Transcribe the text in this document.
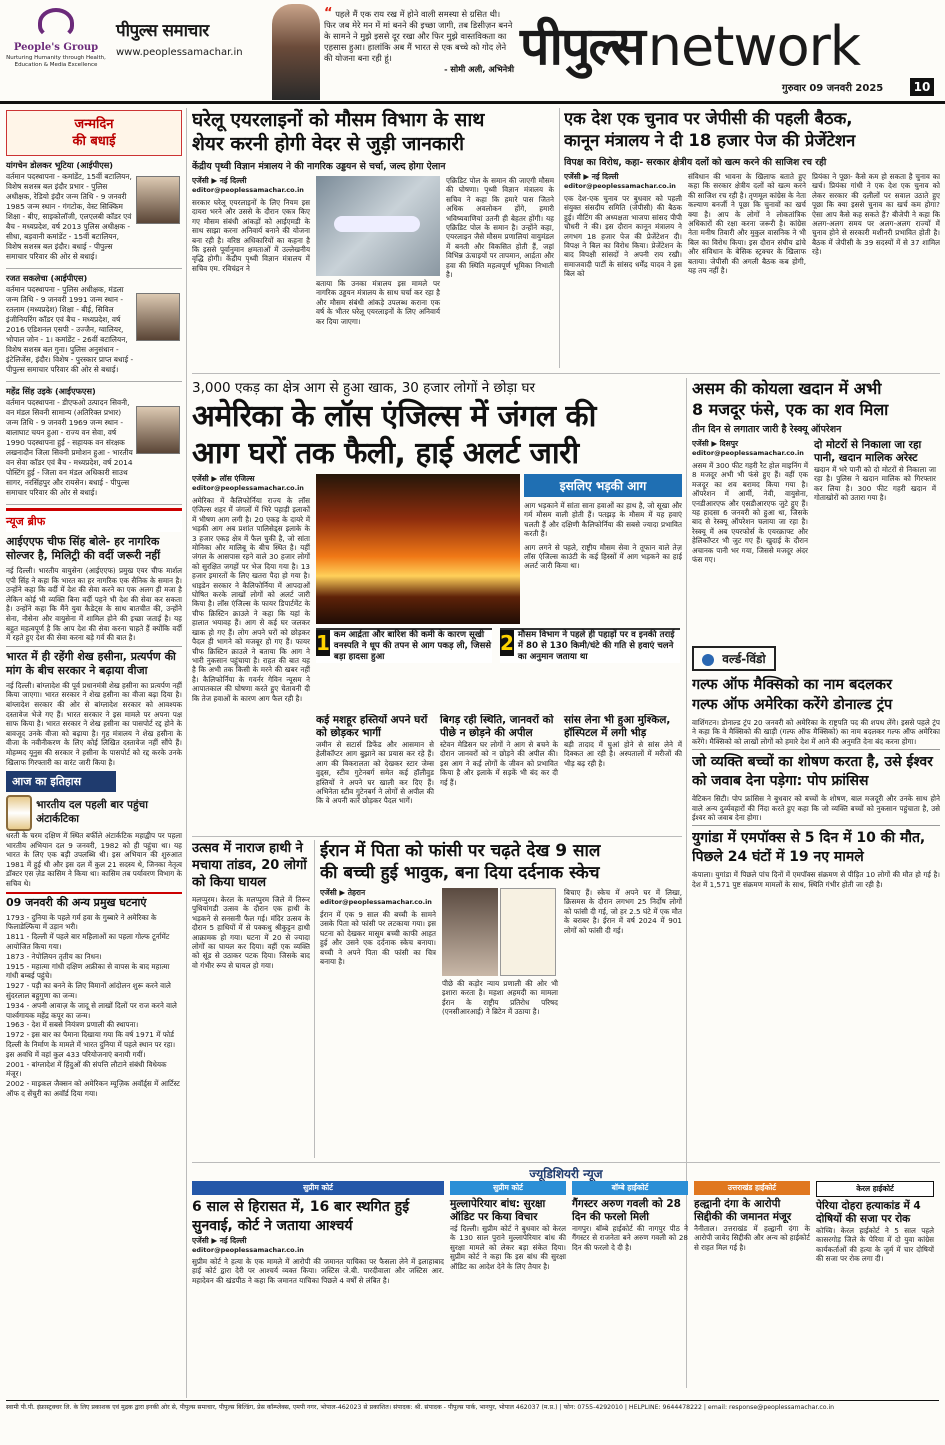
People's Group
Nurturing Humanity through Health, Education & Media Excellence
पीपुल्स समाचार
www.peoplessamachar.in
“ पहले मैं एक राय रख में होने वाली समस्या से ग्रसित थी। फिर जब मेरे मन में मां बनने की इच्छा जागी, तब डिसीज़न बनने के सामने ने मुझे इससे दूर रखा और फिर मुझे वास्तविकता का एहसास हुआ। हालांकि अब मैं भारत से एक बच्चे को गोद लेने की योजना बना रही हूं।
- सोमी अली, अभिनेत्री पीपुल्स network
गुरुवार 09 जनवरी 2025	10
जन्मदिन
की बधाई
यांगचेन डोलकर भूटिया (आईपीएस)
वर्तमान पदस्थापना - कमांडेंट, 15वीं बटालियन, विशेष सशस्त्र बल इंदौर प्रभार - पुलिस अधीक्षक, रेडियो इंदौर जन्म तिथि - 9 जनवरी 1985 जन्म स्थान - गंगटोक, वेस्ट सिक्किम शिक्षा - बीए, साइकोलॉजी, एलएलबी कॉडर एवं बैच - मध्यप्रदेश, वर्ष 2013 पुलिस अधीक्षक - सीधा, बड़वानी कमांडेंट - 15वीं बटालियन, विशेष सशस्त्र बल इंदौर। बधाई - पीपुल्स समाचार परिवार की ओर से बधाई।
रजत सकलेचा (आईपीएस)
वर्तमान पदस्थापना - पुलिस अधीक्षक, मंडला जन्म तिथि - 9 जनवरी 1991 जन्म स्थान - रतलाम (मध्यप्रदेश) शिक्षा - बीई, सिविल इंजीनियरिंग कॉडर एवं बैच - मध्यप्रदेश, वर्ष 2016 एडिशनल एसपी - उज्जैन, ग्वालियर, भोपाल जोन - 1। कमांडेंट - 26वीं बटालियन, विशेष सशस्त्र बल गुना। पुलिस अनुसंधान - इंटेलिजेंस, इंदौर। विशेष - पुरस्कार प्राप्त बधाई - पीपुल्स समाचार परिवार की ओर से बधाई।
महेंद्र सिंह उइके (आईएफएस)
वर्तमान पदस्थापना - डीएफओ उत्पादन सिवनी, वन मंडल सिवनी सामान्य (अतिरिक्त प्रभार) जन्म तिथि - 9 जनवरी 1969 जन्म स्थान - बालाघाट चयन हुआ - राज्य वन सेवा, वर्ष 1990 पदस्थापना हुई - सहायक वन संरक्षक लखनादौन जिला सिवनी प्रमोशन हुआ - भारतीय वन सेवा कॉडर एवं बैच - मध्यप्रदेश, वर्ष 2014 पोस्टिंग हुई - जिला वन मंडल अधिकारी साउथ सागर, नरसिंहपुर और रायसेन। बधाई - पीपुल्स समाचार परिवार की ओर से बधाई।
न्यूज ब्रीफ
आईएएफ चीफ सिंह बोले- हर नागरिक सोल्जर है, मिलिट्री की वर्दी जरूरी नहीं
नई दिल्ली। भारतीय वायुसेना (आईएएफ) प्रमुख एयर चीफ मार्शल एपी सिंह ने कहा कि भारत का हर नागरिक एक सैनिक के समान है। उन्होंने कहा कि वर्दी में देश की सेवा करने का एक अलग ही मजा है लेकिन कोई भी व्यक्ति बिना वर्दी पहने भी देश की सेवा कर सकता है। उन्होंने कहा कि मैंने युवा कैडेट्स के साथ बातचीत की, उन्होंने सेना, नौसेना और वायुसेना में शामिल होने की इच्छा जताई है। यह बहुत महत्वपूर्ण है कि आप देश की सेवा करना चाहते हैं क्योंकि वर्दी में रहते हुए देश की सेवा करना बड़े गर्व की बात है।
भारत में ही रहेंगी शेख हसीना, प्रत्यर्पण की मांग के बीच सरकार ने बढ़ाया वीजा
नई दिल्ली। बांग्लादेश की पूर्व प्रधानमंत्री शेख हसीना का प्रत्यर्पण नहीं किया जाएगा। भारत सरकार ने शेख हसीना का वीजा बढ़ा दिया है। बांग्लादेश सरकार की ओर से बांग्लादेश सरकार को आवश्यक दस्तावेज भेजे गए हैं। भारत सरकार ने इस मामले पर अपना पक्ष साफ किया है। भारत सरकार ने शेख हसीना का पासपोर्ट रद्द होने के बावजूद उनके वीजा को बढ़ाया है। गृह मंत्रालय ने शेख हसीना के वीजा के नवीनीकरण के लिए कोई लिखित दस्तावेज नहीं सौंपे हैं। मोहम्मद यूनुस की सरकार ने हसीना के पासपोर्ट को रद्द करके उनके खिलाफ गिरफ्तारी का वारंट जारी किया है।
आज का इतिहास
भारतीय दल पहली बार पहुंचा अंटार्कटिका
धरती के चरम दक्षिण में स्थित बर्फीले अंटार्कटिक महाद्वीप पर पहला भारतीय अभियान दल 9 जनवरी, 1982 को ही पहुंचा था। यह भारत के लिए एक बड़ी उपलब्धि थी। इस अभियान की शुरुआत 1981 में हुई थी और इस दल में कुल 21 सदस्य थे, जिनका नेतृत्व डॉक्टर एस ज़ेड कासिम ने किया था। कासिम तब पर्यावरण विभाग के सचिव थे।
09 जनवरी की अन्य प्रमुख घटनाएं
1793 - दुनिया के पहले गर्म हवा के गुब्बारे ने अमेरिका के फिलाडेल्फिया में उड़ान भरी।
1811 - दिल्ली में पहले बार महिलाओं का पहला गोल्फ टूर्नामेंट आयोजित किया गया।
1873 - नेपोलियन तृतीय का निधन।
1915 - महात्मा गांधी दक्षिण अफ्रीका से वापस के बाद महात्मा गांधी बम्बई पहुंचे।
1927 - पड़ी का बनने के लिए विमानों आंदोलन शुरू करने वाले सुंदरलाल बहुगुणा का जन्म।
1934 - अपनी आवाज़ के जादू से लाखों दिलों पर राज करने वाले पार्श्वगायक महेंद्र कपूर का जन्म।
1963 - देश में सबसे नियंत्रण प्रणाली की स्थापना।
1972 - इस बार का पैमाना दिखाया गया कि वर्ष 1971 में फोर्ड दिल्ली के निर्माण के मामले में भारत दुनिया में पहले स्थान पर रहा। इस अवधि में वहां कुल 433 परियोजनाएं बनायी गयीं।
2001 - बांग्लादेश में हिंदुओं की संपत्ति लौटाने संबंधी विधेयक मंजूर।
2002 - माइकल जैक्सन को अमेरिकन म्यूज़िक अवॉर्ड्स में आर्टिस्ट ऑफ द सेंचुरी का अवॉर्ड दिया गया।
घरेलू एयरलाइनों को मौसम विभाग के साथ
शेयर करनी होगी वेदर से जुड़ी जानकारी
केंद्रीय पृथ्वी विज्ञान मंत्रालय ने की नागरिक उड्डयन से चर्चा, जल्द होगा ऐलान
एजेंसी ▶ नई दिल्ली
editor@peoplessamachar.co.in
सरकार घरेलू एयरलाइनों के लिए नियम इस दायरा भरने और उससे के दौरान एकत्र किए गए मौसम संबंधी आंकड़ों को आईएमडी के साथ साझा करना अनिवार्य बनाने की योजना बना रही है। वरिष्ठ अधिकारियों का कहना है कि इससे पूर्वानुमान क्षमताओं में उल्लेखनीय वृद्धि होगी। केंद्रीय पृथ्वी विज्ञान मंत्रालय में सचिव एम. रविचंद्रन ने
बताया कि उनका मंत्रालय इस मामले पर नागरिक उड्डयन मंत्रालय के साथ चर्चा कर रहा है और मौसम संबंधी आंकड़े उपलब्ध कराना एक वर्ष के भीतर घरेलू एयरलाइनों के लिए अनिवार्य कर दिया जाएगा।
एक्रिडिट पोल के समान की जाएगी मौसम की घोषणा। पृथ्वी विज्ञान मंत्रालय के सचिव ने कहा कि हमारे पास जितने अधिक अवलोकन होंगे, हमारी भविष्यवाणियां उतनी ही बेहतर होंगी। यह एक्रिडिट पोल के समान है। उन्होंने कहा, एयरलाइन जैसे मौसम प्रणालियां वायुमंडल में बनती और विकसित होती हैं, जहां विभिन्न ऊंचाइयों पर तापमान, आर्द्रता और हवा की स्थिति महत्वपूर्ण भूमिका निभाती है।
एक देश एक चुनाव पर जेपीसी की पहली बैठक,
कानून मंत्रालय ने दी 18 हजार पेज की प्रेजेंटेशन
विपक्ष का विरोध, कहा- सरकार क्षेत्रीय दलों को खत्म करने की साजिश रच रही
एजेंसी ▶ नई दिल्ली
editor@peoplessamachar.co.in
एक देश-एक चुनाव पर बुधवार को पहली संयुक्त संसदीय समिति (जेपीसी) की बैठक हुई। मीटिंग की अध्यक्षता भाजपा सांसद पीपी चौधरी ने की। इस दौरान कानून मंत्रालय ने लगभग 18 हजार पेज की प्रेजेंटेशन दी। विपक्ष ने बिल का विरोध किया। प्रेजेंटेशन के बाद विपक्षी सांसदों ने अपनी राय रखी। समाजवादी पार्टी के सांसद धर्मेंद्र यादव ने इस बिल को
संविधान की भावना के खिलाफ बताते हुए कहा कि सरकार क्षेत्रीय दलों को खत्म करने की साजिश रच रही है। तृणमूल कांग्रेस के नेता कल्याण बनर्जी ने पूछा कि चुनावों का खर्च क्या है। आप के लोगों ने लोकतांत्रिक अधिकारों की रक्षा करना जरूरी है। कांग्रेस नेता मनीष तिवारी और मुकुल वासनिक ने भी बिल का विरोध किया। इस दौरान संघीय ढांचे और संविधान के बेसिक स्ट्रक्चर के खिलाफ बताया। जेपीसी की अगली बैठक कब होगी, यह तय नहीं है।
प्रियंका ने पूछा- कैसे कम हो सकता है चुनाव का खर्च। प्रियंका गांधी ने एक देश एक चुनाव को लेकर सरकार की दलीलों पर सवाल उठाते हुए पूछा कि क्या इससे चुनाव का खर्च कम होगा? ऐसा आप कैसे कह सकते हैं? बीजेपी ने कहा कि अलग-अलग समय पर अलग-अलग राज्यों में चुनाव होने से सरकारी मशीनरी प्रभावित होती है। बैठक में जेपीसी के 39 सदस्यों में से 37 शामिल रहे।
3,000 एकड़ का क्षेत्र आग से हुआ खाक, 30 हजार लोगों ने छोड़ा घर
अमेरिका के लॉस एंजिल्स में जंगल की
आग घरों तक फैली, हाई अलर्ट जारी
एजेंसी ▶ लॉस एंजिल्स
editor@peoplessamachar.co.in
अमेरिका में कैलिफोर्निया राज्य के लॉस एंजिल्स शहर में जंगलों में भिरे पहाड़ी इलाकों में भीषण आग लगी है। 20 एकड़ के दायरे में भड़की आग अब प्रशांत पालिसेड्स इलाके के 3 हजार एकड़ क्षेत्र में फैल चुकी है, जो सांता मोनिका और मालिबू के बीच स्थित है। यहीं जंगल के आसपास रहने वाले 30 हजार लोगों को सुरक्षित जगहों पर भेज दिया गया है। 13 हजार इमारतों के लिए खतरा पैदा हो गया है। धाइडेन सरकार ने कैलिफोर्निया में आपदाओं घोषित करके लाखों लोगों को अलर्ट जारी किया है। लॉस एंजिल्स के फायर डिपार्टमेंट के चीफ क्रिस्टिन क्राउले ने कहा कि यहां के हालात भयावह हैं। आग से कई घर जलकर खाक हो गए हैं। लोग अपने घरों को छोड़कर पैदल ही भागने को मजबूर हो गए हैं। फायर चीफ क्रिस्टिन क्राउले ने बताया कि आग ने भारी नुकसान पहुंचाया है। राहत की बात यह है कि अभी तक किसी के मरने की खबर नहीं है। कैलिफोर्निया के गवर्नर गेविन न्यूसम ने आपातकाल की घोषणा करते हुए चेतावनी दी कि तेज हवाओं के कारण आग फैल रही है।
इसलिए भड़की आग
आग भड़काने में सांता साना हवाओं का हाथ है, जो सूखा और गर्म मौसम वाली होती हैं। पतझड़ के मौसम में यह हवाएं चलती हैं और दक्षिणी कैलिफोर्निया की सबसे ज्यादा प्रभावित करती हैं।
आग लगने से पहले, राष्ट्रीय मौसम सेवा ने तूफान वाले तेज़ लॉस एंजिल्स काउंटी के कई हिस्सों में आग भड़कने का हाई अलर्ट जारी किया था।
1 कम आर्द्रता और बारिश की कमी के कारण सूखी वनस्पति ने धूप की तपन से आग पकड़ ली, जिससे बड़ा हादसा हुआ
2 मौसम विभाग ने पहले ही पहाड़ों पर व इनकी तराई में 80 से 130 किमी/घंटे की गति से हवाएं चलने का अनुमान जताया था
कई मशहूर हस्तियों अपने घरों को छोड़कर भागीं
जमीन से सटार्स डिफेंड और आसमान से हेलीकॉप्टर आग बुझाने का प्रयास कर रहे हैं। आग की विकरालता को देखकर स्टार जेम्स वुड्स, स्टीव गुटेनबर्ग समेत कई हॉलीवुड हस्तियों ने अपने घर खाली कर दिए हैं। अभिनेता स्टीव गुटेनबर्ग ने लोगों से अपील की कि वे अपनी कारें छोड़कर पैदल भागें।
बिगड़ रही स्थिति, जानवरों को पीछे न छोड़ने की अपील
स्टेवन मेडिसन घर लोगों ने आग से बचने के दौरान जानवरों को न छोड़ने की अपील की। इस आग ने कई लोगों के जीवन को प्रभावित किया है और इलाके में सड़कें भी बंद कर दी गई हैं।
सांस लेना भी हुआ मुश्किल, हॉस्पिटल में लगी भीड़
बड़ी तादाद में घुआं होने से सांस लेने में दिक्कत आ रही है। अस्पतालों में मरीजों की भीड़ बढ़ रही है।
असम की कोयला खदान में अभी
8 मजदूर फंसे, एक का शव मिला
तीन दिन से लगातार जारी है रेस्क्यू ऑपरेशन
एजेंसी ▶ दिसपुर
editor@peoplessamachar.co.in
असम में 300 फीट गहरी रैट होल माइनिंग में 8 मजदूर अभी भी फंसे हुए हैं। वहीं एक मजदूर का शव बरामद किया गया है। ऑपरेशन में आर्मी, नेवी, वायुसेना, एनडीआरएफ और एसडीआरएफ जुटे हुए हैं। यह हादसा 6 जनवरी को हुआ था, जिसके बाद से रेस्क्यू ऑपरेशन चलाया जा रहा है। रेस्क्यू में अब एयरफोर्स के एयरक्राफ्ट और हेलिकॉप्टर भी जुट गए हैं। खुदाई के दौरान अचानक पानी भर गया, जिससे मजदूर अंदर फंस गए।
दो मोटरों से निकाला जा रहा पानी, खदान मालिक अरेस्ट
खदान में भरे पानी को दो मोटरों से निकाला जा रहा है। पुलिस ने खदान मालिक को गिरफ्तार कर लिया है। 300 फीट गहरी खदान में गोताखोरों को उतारा गया है।
वर्ल्ड-विंडो
गल्फ ऑफ मैक्सिको का नाम बदलकर
गल्फ ऑफ अमेरिका करेंगे डोनाल्ड ट्रंप
वाशिंगटन। डोनाल्ड ट्रंप 20 जनवरी को अमेरिका के राष्ट्रपति पद की शपथ लेंगे। इससे पहले ट्रंप ने कहा कि वे मैक्सिको की खाड़ी (गल्फ ऑफ मैक्सिको) का नाम बदलकर गल्फ ऑफ अमेरिका करेंगे। मैक्सिको को लाखों लोगों को हमारे देश में आने की अनुमति देना बंद करना होगा।
जो व्यक्ति बच्चों का शोषण करता है, उसे ईश्वर को जवाब देना पड़ेगा: पोप फ्रांसिस
वेटिकन सिटी। पोप फ्रांसिस ने बुधवार को बच्चों के शोषण, बाल मजदूरी और उनके साथ होने वाले अन्य दुर्व्यवहारों की निंदा करते हुए कहा कि जो व्यक्ति बच्चों को नुकसान पहुंचाता है, उसे ईश्वर को जवाब देना होगा।
युगांडा में एमपॉक्स से 5 दिन में 10 की मौत, पिछले 24 घंटों में 19 नए मामले
कंपाला। युगांडा में पिछले पांच दिनों में एमपॉक्स संक्रमण से पीड़ित 10 लोगों की मौत हो गई है। देश में 1,571 पुष्ट संक्रमण मामलों के साथ, स्थिति गंभीर होती जा रही है।
उत्सव में नाराज हाथी ने मचाया तांडव, 20 लोगों को किया घायल
मलप्पुरम। केरल के मलप्पुरम जिले में तिरूर पुथियांगडी उत्सव के दौरान एक हाथी के भड़कने से सनसनी फैल गई। मंदिर उत्सव के दौरान 5 हाथियों में से पक्कथु श्रीकुट्टन हाथी आक्रामक हो गया। घटना में 20 से ज्यादा लोगों का घायल कर दिया। वहीं एक व्यक्ति को सूंड से उठाकर पटक दिया। जिसके बाद वो गंभीर रूप से घायल हो गया।
ईरान में पिता को फांसी पर चढ़ते देख 9 साल
की बच्ची हुई भावुक, बना दिया दर्दनाक स्केच
एजेंसी ▶ तेहरान
editor@peoplessamachar.co.in
ईरान में एक 9 साल की बच्ची के सामने उसके पिता को फांसी पर लटकाया गया। इस घटना को देखकर मासूम बच्ची काफी आहत हुई और उसने एक दर्दनाक स्केच बनाया। बच्ची ने अपने पिता की फांसी का चित्र बनाया है।
पीछे की कड़ोर न्याय प्रणाली की ओर भी इशारा करता है। महशा अहमदी का मामला ईरान के राष्ट्रीय प्रतिरोध परिषद (एनसीआरआई) ने ब्रिटेन में उठाया है।
बिचाए हैं। स्केच में अपने घर में लिखा, क्रिसमस के दौरान लगभग 25 निर्दोष लोगों को फांसी दी गई, जो हर 2.5 घंटे में एक मौत के बराबर है। ईरान में वर्ष 2024 में 901 लोगों को फांसी दी गई।
ज्यूडिशियरी न्यूज
सुप्रीम कोर्ट
6 साल से हिरासत में, 16 बार स्थगित हुई सुनवाई, कोर्ट ने जताया आश्चर्य
एजेंसी ▶ नई दिल्ली
editor@peoplessamachar.co.in
सुप्रीम कोर्ट ने हत्या के एक मामले में आरोपी की जमानत याचिका पर फैसला लेने में इलाहाबाद हाई कोर्ट द्वारा देरी पर आश्चर्य व्यक्त किया। जस्टिस जे.बी. पारदीवाला और जस्टिस आर. महादेवन की खंडपीठ ने कहा कि जमानत याचिका पिछले 4 वर्षों से लंबित है।
सुप्रीम कोर्ट
मुल्लापेरियार बांध: सुरक्षा ऑडिट पर किया विचार
नई दिल्ली। सुप्रीम कोर्ट ने बुधवार को केरल के 130 साल पुराने मुल्लापेरियार बांध की सुरक्षा मामले को लेकर बड़ा संकेत दिया। सुप्रीम कोर्ट ने कहा कि इस बांध की सुरक्षा ऑडिट का आदेश देने के लिए तैयार है।
बॉम्बे हाईकोर्ट
गैंगस्टर अरुण गवली को 28 दिन की फरलो मिली
नागपुर। बॉम्बे हाईकोर्ट की नागपुर पीठ ने गैंगस्टर से राजनेता बने अरुण गवली को 28 दिन की फरलो दे दी है।
उत्तराखंड हाईकोर्ट
हल्द्वानी दंगा के आरोपी सिद्दीकी की जमानत मंजूर
नैनीताल। उत्तराखंड में हल्द्वानी दंगा के आरोपी जावेद सिद्दीकी और अन्य को हाईकोर्ट से राहत मिल गई है।
केरल हाईकोर्ट
पेरिया दोहरा हत्याकांड में 4 दोषियों की सजा पर रोक
कोच्चि। केरल हाईकोर्ट ने 5 साल पहले कासरगोड़ जिले के पेरिया में दो युवा कांग्रेस कार्यकर्ताओं की हत्या के जुर्म में चार दोषियों की सजा पर रोक लगा दी।
स्वामी पी.पी. इंफ्रास्ट्रक्चर लि. के लिए प्रकाशक एवं मुद्रक द्वारा इनकी ओर से, पीपुल्स समाचार, पीपुल्स बिल्डिंग, प्रेस कॉम्प्लेक्स, एमपी नगर, भोपाल-462023 से प्रकाशित। संपादक: श्री. संपादक - पीपुल्स पार्क, भानपुर, भोपाल 462037 (म.प्र.) | फोन: 0755-4292010 | HELPLINE: 9644478222 | email: response@peoplessamachar.co.in
